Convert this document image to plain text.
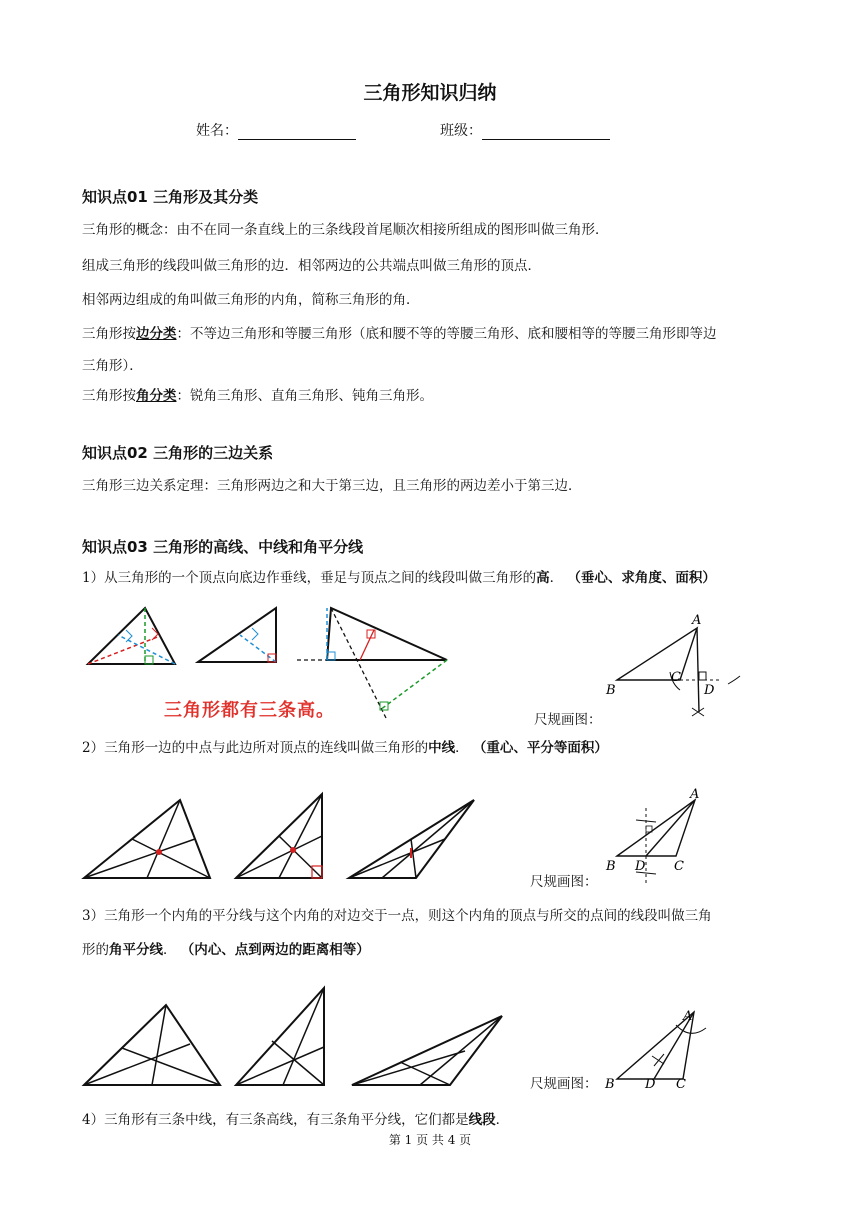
三角形知识归纳
姓名：	班级：
知识点01 三角形及其分类
三角形的概念：由不在同一条直线上的三条线段首尾顺次相接所组成的图形叫做三角形．
组成三角形的线段叫做三角形的边．相邻两边的公共端点叫做三角形的顶点．
相邻两边组成的角叫做三角形的内角，简称三角形的角．
三角形按边分类：不等边三角形和等腰三角形（底和腰不等的等腰三角形、底和腰相等的等腰三角形即等边
三角形）．
三角形按角分类：锐角三角形、直角三角形、钝角三角形。
知识点02 三角形的三边关系
三角形三边关系定理：三角形两边之和大于第三边，且三角形的两边差小于第三边．
知识点03 三角形的高线、中线和角平分线
1）从三角形的一个顶点向底边作垂线，垂足与顶点之间的线段叫做三角形的高． （垂心、求角度、面积）
A
B
C
D
三角形都有三条高。	尺规画图：
2）三角形一边的中点与此边所对顶点的连线叫做三角形的中线． （重心、平分等面积）
A
B D C
尺规画图：
3）三角形一个内角的平分线与这个内角的对边交于一点，则这个内角的顶点与所交的点间的线段叫做三角
形的角平分线． （内心、点到两边的距离相等）
A
B D C
尺规画图：
4）三角形有三条中线，有三条高线，有三条角平分线，它们都是线段．
第 1 页 共 4 页
